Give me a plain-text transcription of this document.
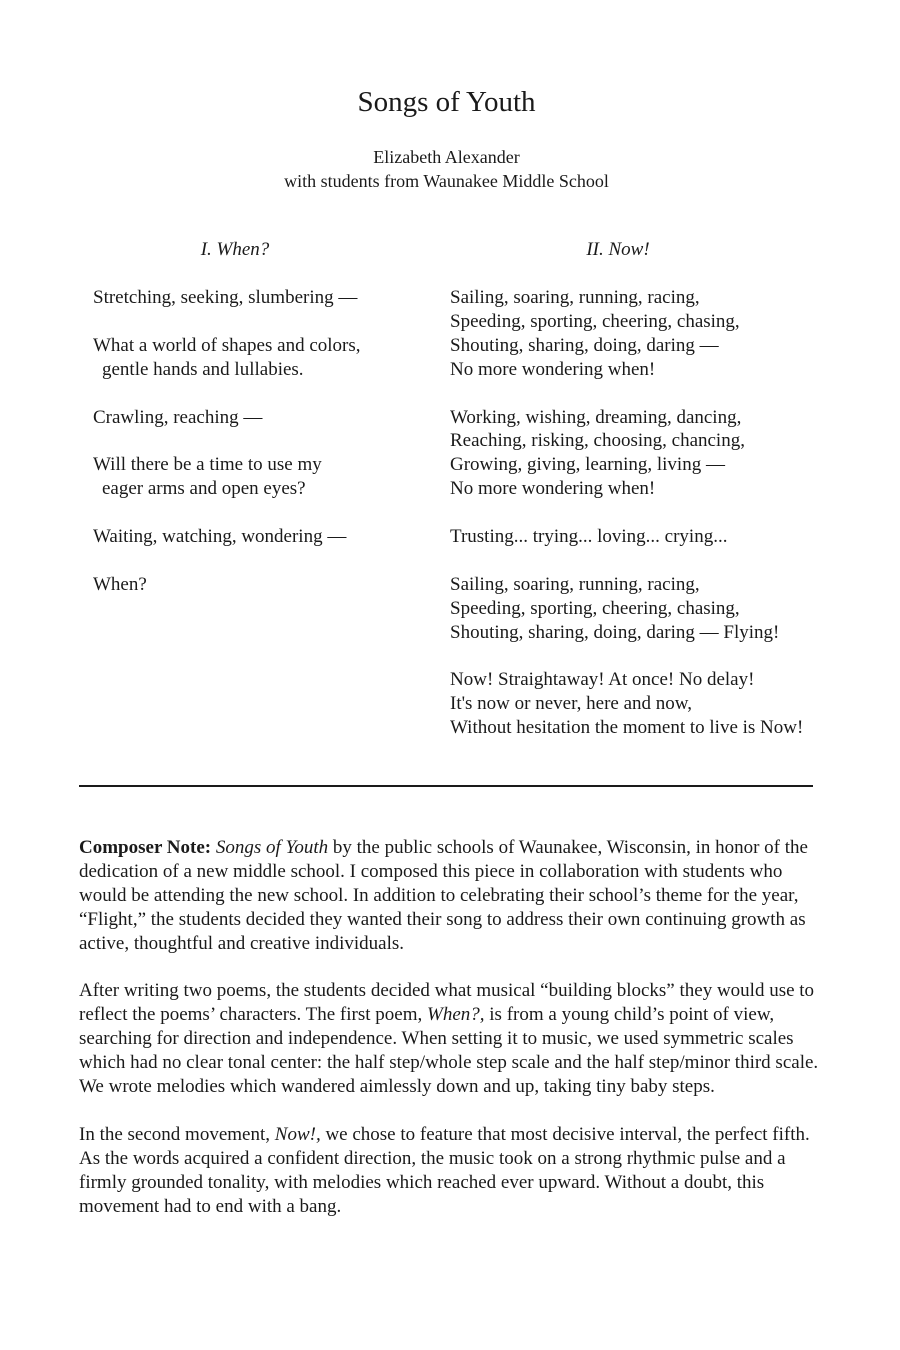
Songs of Youth
Elizabeth Alexander
with students from Waunakee Middle School
I. When?	II. Now!
Stretching, seeking, slumbering —
What a world of shapes and colors,
gentle hands and lullabies.
Crawling, reaching —
Will there be a time to use my
eager arms and open eyes?
Waiting, watching, wondering —
When?
Sailing, soaring, running, racing,
Speeding, sporting, cheering, chasing,
Shouting, sharing, doing, daring —
No more wondering when!
Working, wishing, dreaming, dancing,
Reaching, risking, choosing, chancing,
Growing, giving, learning, living —
No more wondering when!
Trusting... trying... loving... crying...
Sailing, soaring, running, racing,
Speeding, sporting, cheering, chasing,
Shouting, sharing, doing, daring — Flying!
Now! Straightaway! At once! No delay!
It's now or never, here and now,
Without hesitation the moment to live is Now!

Composer Note: Songs of Youth by the public schools of Waunakee, Wisconsin, in honor of the dedication of a new middle school. I composed this piece in collaboration with students who would be attending the new school. In addition to celebrating their school’s theme for the year, “Flight,” the students decided they wanted their song to address their own continuing growth as active, thoughtful and creative individuals.

After writing two poems, the students decided what musical “building blocks” they would use to reflect the poems’ characters. The first poem, When?, is from a young child’s point of view, searching for direction and independence. When setting it to music, we used symmetric scales which had no clear tonal center: the half step/whole step scale and the half step/minor third scale. We wrote melodies which wandered aimlessly down and up, taking tiny baby steps.

In the second movement, Now!, we chose to feature that most decisive interval, the perfect fifth. As the words acquired a confident direction, the music took on a strong rhythmic pulse and a firmly grounded tonality, with melodies which reached ever upward. Without a doubt, this movement had to end with a bang.
